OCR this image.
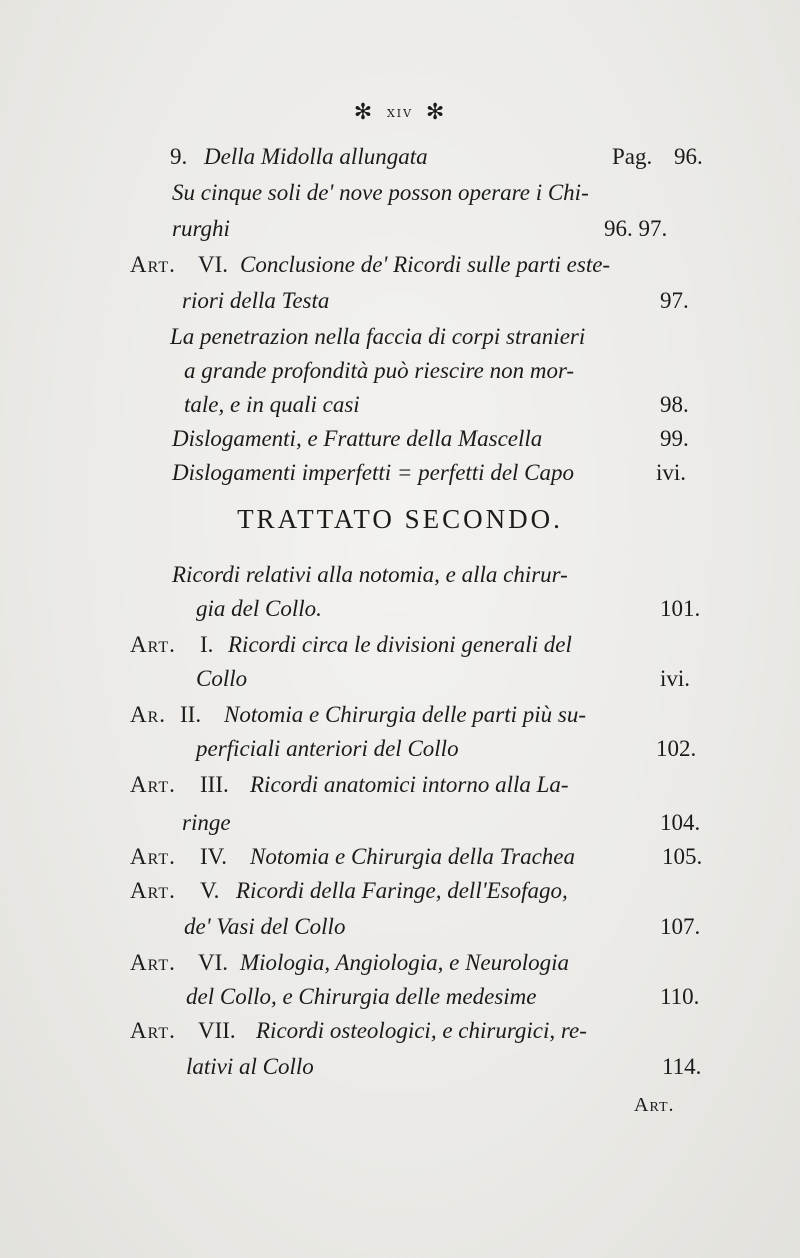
✻ xiv ✻
9. Della Midolla allungata	Pag. 96.
Su cinque soli de' nove posson operare i Chi-
rurghi	96. 97.
Art. VI. Conclusione de' Ricordi sulle parti este-
riori della Testa	97.
La penetrazion nella faccia di corpi stranieri
a grande profondità può riescire non mor-
tale, e in quali casi	98.
Dislogamenti, e Fratture della Mascella	99.
Dislogamenti imperfetti = perfetti del Capo	ivi.
TRATTATO SECONDO.
Ricordi relativi alla notomia, e alla chirur-
gia del Collo.	101.
Art. I. Ricordi circa le divisioni generali del
Collo	ivi.
Ar. II. Notomia e Chirurgia delle parti più su-
perficiali anteriori del Collo	102.
Art. III. Ricordi anatomici intorno alla La-
ringe	104.
Art. IV. Notomia e Chirurgia della Trachea	105.
Art. V. Ricordi della Faringe, dell'Esofago,
de' Vasi del Collo	107.
Art. VI. Miologia, Angiologia, e Neurologia
del Collo, e Chirurgia delle medesime	110.
Art. VII. Ricordi osteologici, e chirurgici, re-
lativi al Collo	114.
Art.
